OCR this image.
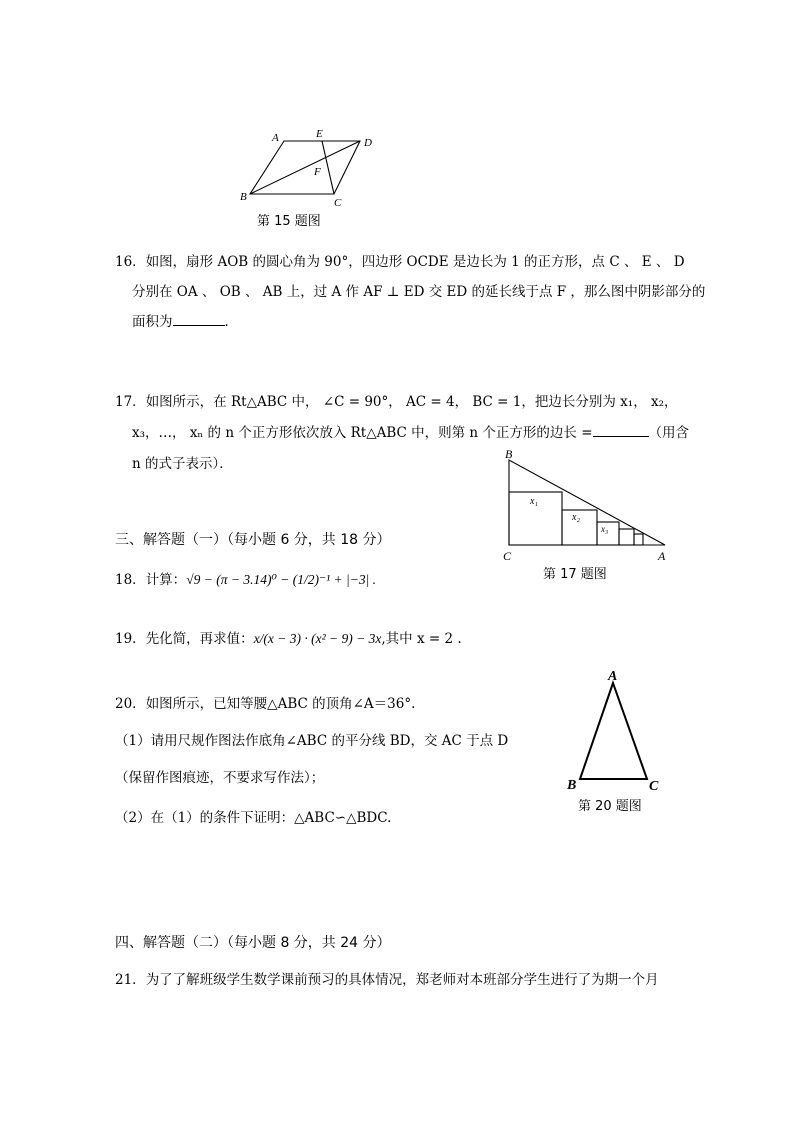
A	E
D
F
B	C
第 15 题图
16．如图，扇形 AOB 的圆心角为 90°，四边形 OCDE 是边长为 1 的正方形，点 C 、 E 、 D
分别在 OA 、 OB 、 AB 上，过 A 作 AF ⊥ ED 交 ED 的延长线于点 F ，那么图中阴影部分的
面积为	．
17．如图所示，在 Rt△ABC 中， ∠C = 90°， AC = 4， BC = 1，把边长分别为 x₁， x₂，
x₃，…， xₙ 的 n 个正方形依次放入 Rt△ABC 中，则第 n 个正方形的边长 =	（用含
n 的式子表示）．
B
C	A
x₁
x₂
x₃
第 17 题图
三、解答题（一）（每小题 6 分，共 18 分）
18．计算：√9 − (π − 3.14)⁰ − (1/2)⁻¹ + |−3| .
19．先化简，再求值：x/(x − 3) · (x² − 9) − 3x,其中 x = 2 .
20．如图所示，已知等腰△ABC 的顶角∠A＝36°.
（1）请用尺规作图法作底角∠ABC 的平分线 BD，交 AC 于点 D
（保留作图痕迹，不要求写作法）；
（2）在（1）的条件下证明：△ABC∽△BDC.
A
B	C
第 20 题图
四、解答题（二）（每小题 8 分，共 24 分）
21．为了了解班级学生数学课前预习的具体情况，郑老师对本班部分学生进行了为期一个月
